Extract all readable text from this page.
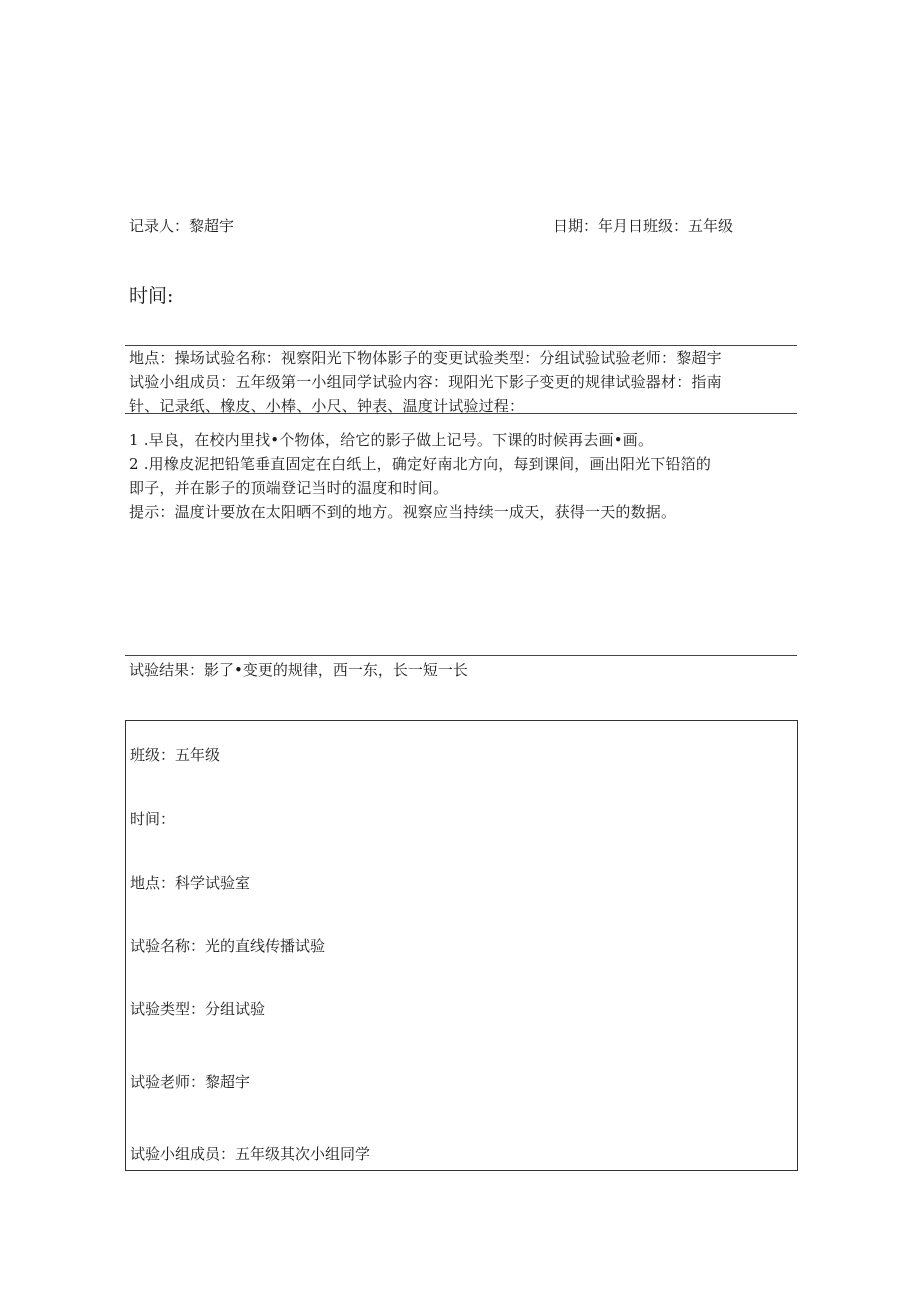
记录人：黎超宇	日期：年月日班级：五年级
时间:
地点：操场试验名称：视察阳光下物体影子的变更试验类型：分组试验试验老师：黎超宇
试验小组成员：五年级第一小组同学试验内容：现阳光下影子变更的规律试验器材：指南
针、记录纸、橡皮、小棒、小尺、钟表、温度计试验过程：
1 .早良，在校内里找•个物体，给它的影子做上记号。下课的时候再去画•画。
2 .用橡皮泥把铅笔垂直固定在白纸上，确定好南北方向，每到课间，画出阳光下铅箔的
即子，并在影子的顶端登记当时的温度和时间。
提示：温度计要放在太阳晒不到的地方。视察应当持续一成天，获得一天的数据。
试验结果：影了•变更的规律，西一东，长一短一长
班级：五年级
时间：
地点：科学试验室
试验名称：光的直线传播试验
试验类型：分组试验
试验老师：黎超宇
试验小组成员：五年级其次小组同学
